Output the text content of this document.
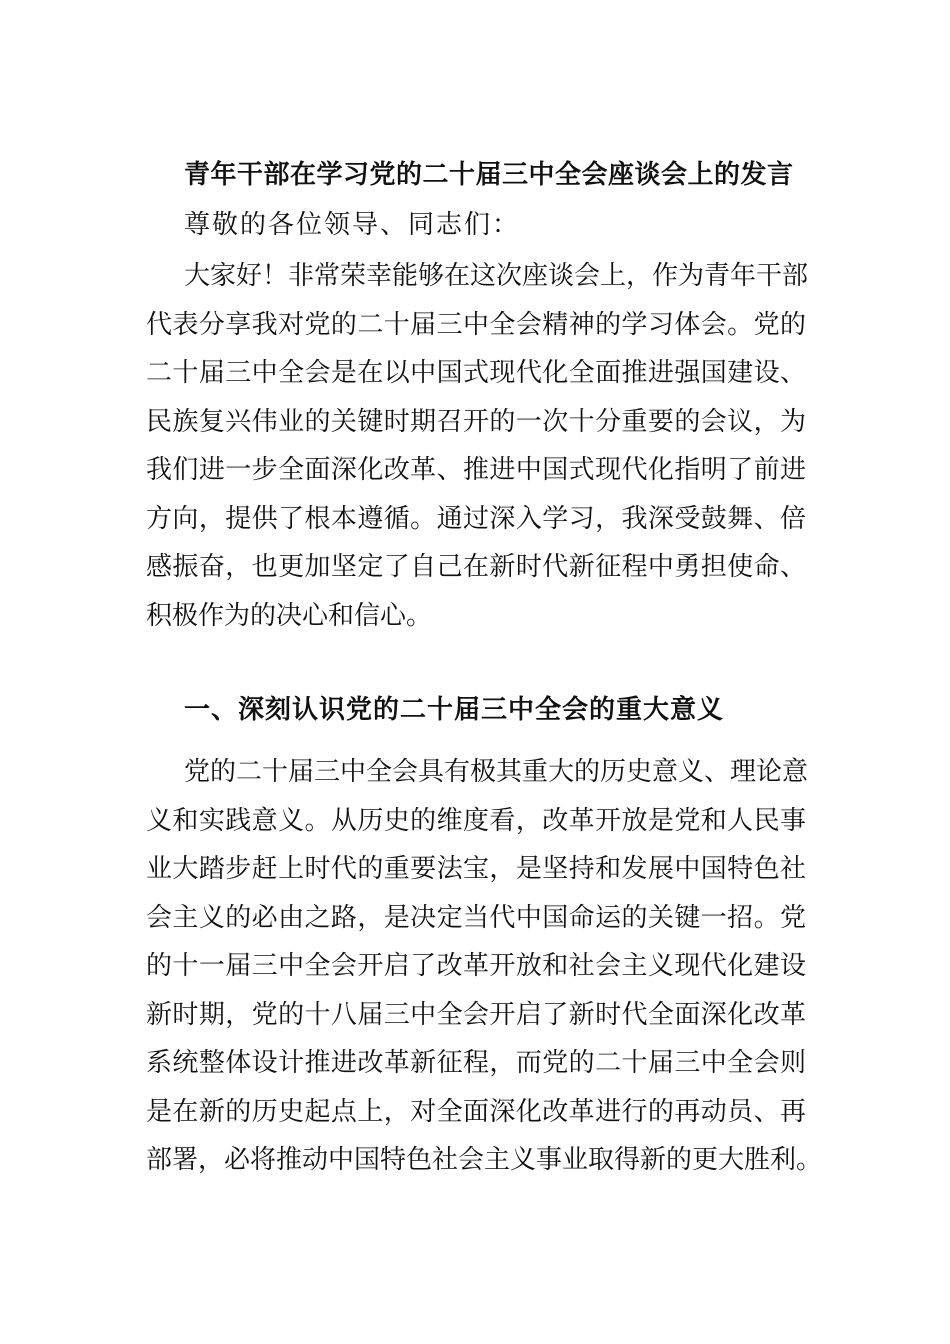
青年干部在学习党的二十届三中全会座谈会上的发言
尊敬的各位领导、同志们：
大家好！非常荣幸能够在这次座谈会上，作为青年干部
代表分享我对党的二十届三中全会精神的学习体会。党的
二十届三中全会是在以中国式现代化全面推进强国建设、
民族复兴伟业的关键时期召开的一次十分重要的会议，为
我们进一步全面深化改革、推进中国式现代化指明了前进
方向，提供了根本遵循。通过深入学习，我深受鼓舞、倍
感振奋，也更加坚定了自己在新时代新征程中勇担使命、
积极作为的决心和信心。
一、深刻认识党的二十届三中全会的重大意义
党的二十届三中全会具有极其重大的历史意义、理论意
义和实践意义。从历史的维度看，改革开放是党和人民事
业大踏步赶上时代的重要法宝，是坚持和发展中国特色社
会主义的必由之路，是决定当代中国命运的关键一招。党
的十一届三中全会开启了改革开放和社会主义现代化建设
新时期，党的十八届三中全会开启了新时代全面深化改革
系统整体设计推进改革新征程，而党的二十届三中全会则
是在新的历史起点上，对全面深化改革进行的再动员、再
部署，必将推动中国特色社会主义事业取得新的更大胜利。
